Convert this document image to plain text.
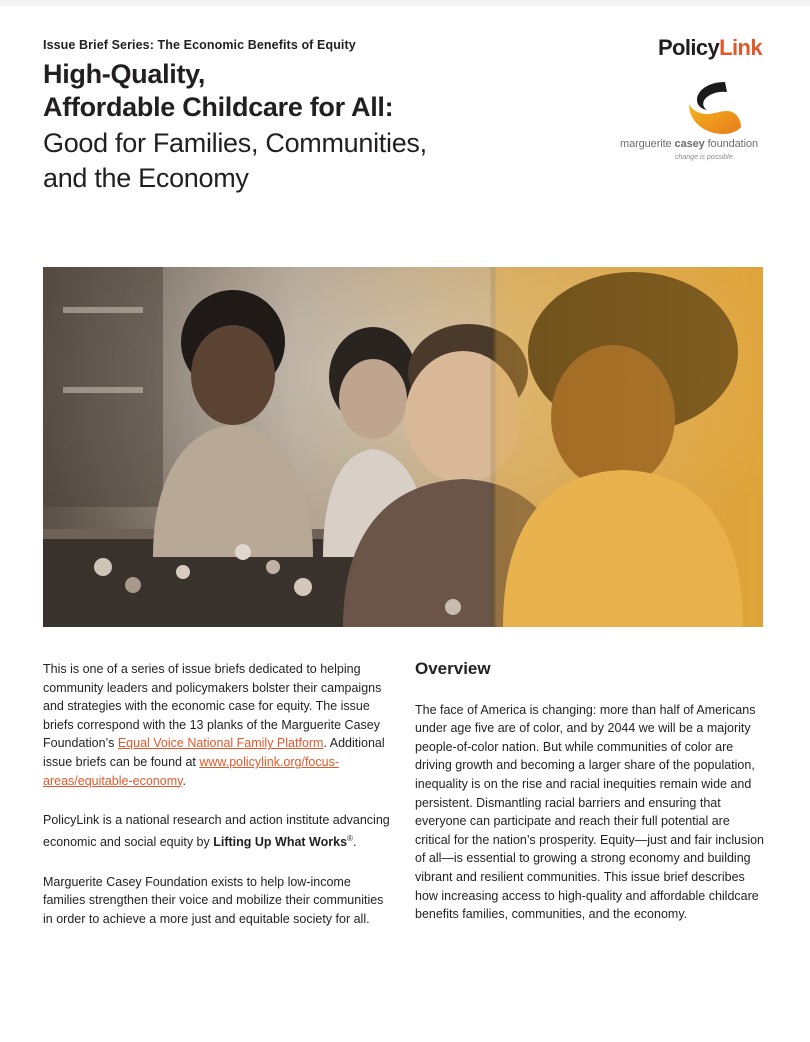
Issue Brief Series: The Economic Benefits of Equity
High-Quality,
Affordable Childcare for All:
Good for Families, Communities,
and the Economy
PolicyLink
marguerite casey foundation
change is possible.

This is one of a series of issue briefs dedicated to helping community leaders and policymakers bolster their campaigns and strategies with the economic case for equity. The issue briefs correspond with the 13 planks of the Marguerite Casey Foundation’s Equal Voice National Family Platform. Additional issue briefs can be found at www.policylink.org/focus-areas/equitable-economy.

PolicyLink is a national research and action institute advancing economic and social equity by Lifting Up What Works®.

Marguerite Casey Foundation exists to help low-income families strengthen their voice and mobilize their communities in order to achieve a more just and equitable society for all.

Overview

The face of America is changing: more than half of Americans under age five are of color, and by 2044 we will be a majority people-of-color nation. But while communities of color are driving growth and becoming a larger share of the population, inequality is on the rise and racial inequities remain wide and persistent. Dismantling racial barriers and ensuring that everyone can participate and reach their full potential are critical for the nation’s prosperity. Equity—just and fair inclusion of all—is essential to growing a strong economy and building vibrant and resilient communities. This issue brief describes how increasing access to high-quality and affordable childcare benefits families, communities, and the economy.
